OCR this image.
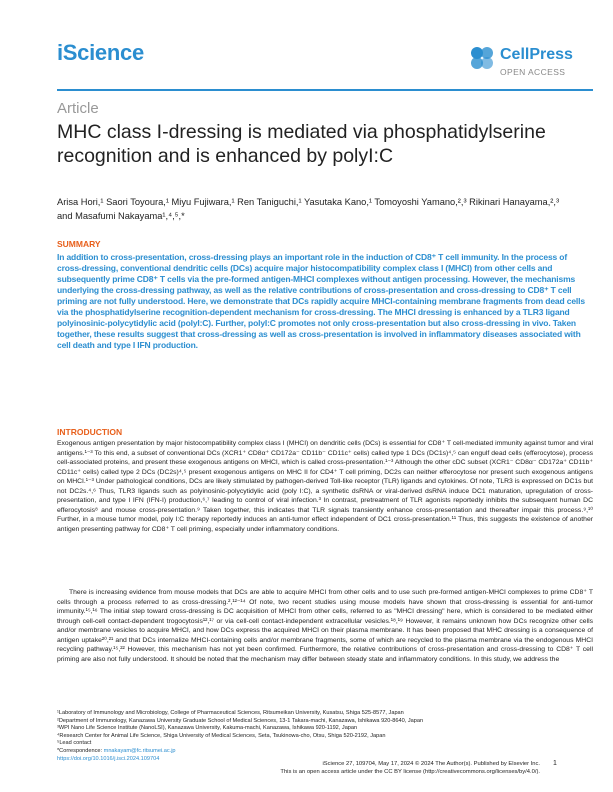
iScience	CellPress
OPEN ACCESS
Article
MHC class I-dressing is mediated via phosphatidylserine recognition and is enhanced by polyI:C
Arisa Hori,¹ Saori Toyoura,¹ Miyu Fujiwara,¹ Ren Taniguchi,¹ Yasutaka Kano,¹ Tomoyoshi Yamano,²,³ Rikinari Hanayama,²,³ and Masafumi Nakayama¹,⁴,⁵,*
SUMMARY
In addition to cross-presentation, cross-dressing plays an important role in the induction of CD8⁺ T cell immunity. In the process of cross-dressing, conventional dendritic cells (DCs) acquire major histocompatibility complex class I (MHCI) from other cells and subsequently prime CD8⁺ T cells via the pre-formed antigen-MHCI complexes without antigen processing. However, the mechanisms underlying the cross-dressing pathway, as well as the relative contributions of cross-presentation and cross-dressing to CD8⁺ T cell priming are not fully understood. Here, we demonstrate that DCs rapidly acquire MHCI-containing membrane fragments from dead cells via the phosphatidylserine recognition-dependent mechanism for cross-dressing. The MHCI dressing is enhanced by a TLR3 ligand polyinosinic-polycytidylic acid (polyI:C). Further, polyI:C promotes not only cross-presentation but also cross-dressing in vivo. Taken together, these results suggest that cross-dressing as well as cross-presentation is involved in inflammatory diseases associated with cell death and type I IFN production.
INTRODUCTION
Exogenous antigen presentation by major histocompatibility complex class I (MHCI) on dendritic cells (DCs) is essential for CD8⁺ T cell-mediated immunity against tumor and viral antigens.¹⁻³ To this end, a subset of conventional DCs (XCR1⁺ CD8α⁺ CD172a⁻ CD11b⁻ CD11c⁺ cells) called type 1 DCs (DC1s)⁴,⁵ can engulf dead cells (efferocytose), process cell-associated proteins, and present these exogenous antigens on MHCI, which is called cross-presentation.¹⁻³ Although the other cDC subset (XCR1⁻ CD8α⁻ CD172a⁺ CD11b⁺ CD11c⁺ cells) called type 2 DCs (DC2s)⁴,⁵ present exogenous antigens on MHC II for CD4⁺ T cell priming, DC2s can neither efferocytose nor present such exogenous antigens on MHCI.¹⁻³ Under pathological conditions, DCs are likely stimulated by pathogen-derived Toll-like receptor (TLR) ligands and cytokines. Of note, TLR3 is expressed on DC1s but not DC2s.⁴,⁶ Thus, TLR3 ligands such as polyinosinic-polycytidylic acid (poly I:C), a synthetic dsRNA or viral-derived dsRNA induce DC1 maturation, upregulation of cross-presentation, and type I IFN (IFN-I) production,⁶,⁷ leading to control of viral infection.³ In contrast, pretreatment of TLR agonists reportedly inhibits the subsequent human DC efferocytosis⁸ and mouse cross-presentation.⁹ Taken together, this indicates that TLR signals transiently enhance cross-presentation and thereafter impair this process.⁹,¹⁰ Further, in a mouse tumor model, poly I:C therapy reportedly induces an anti-tumor effect independent of DC1 cross-presentation.¹¹ Thus, this suggests the existence of another antigen presenting pathway for CD8⁺ T cell priming, especially under inflammatory conditions.
There is increasing evidence from mouse models that DCs are able to acquire MHCI from other cells and to use such pre-formed antigen-MHCI complexes to prime CD8⁺ T cells through a process referred to as cross-dressing.²,¹²⁻¹⁴ Of note, two recent studies using mouse models have shown that cross-dressing is essential for anti-tumor immunity.¹⁵,¹⁶ The initial step toward cross-dressing is DC acquisition of MHCI from other cells, referred to as "MHCI dressing" here, which is considered to be mediated either through cell-cell contact-dependent trogocytosis¹²,¹⁷ or via cell-cell contact-independent extracellular vesicles.¹⁸,¹⁹ However, it remains unknown how DCs recognize other cells and/or membrane vesicles to acquire MHCI, and how DCs express the acquired MHCI on their plasma membrane. It has been proposed that MHC dressing is a consequence of antigen uptake²⁰,²¹ and that DCs internalize MHCI-containing cells and/or membrane fragments, some of which are recycled to the plasma membrane via the endogenous MHCI recycling pathway.¹⁵,²² However, this mechanism has not yet been confirmed. Furthermore, the relative contributions of cross-presentation and cross-dressing to CD8⁺ T cell priming are also not fully understood. It should be noted that the mechanism may differ between steady state and inflammatory conditions. In this study, we address the
¹Laboratory of Immunology and Microbiology, College of Pharmaceutical Sciences, Ritsumeikan University, Kusatsu, Shiga 525-8577, Japan
²Department of Immunology, Kanazawa University Graduate School of Medical Sciences, 13-1 Takara-machi, Kanazawa, Ishikawa 920-8640, Japan
³WPI Nano Life Science Institute (NanoLSI), Kanazawa University, Kakuma-machi, Kanazawa, Ishikawa 920-1192, Japan
⁴Research Center for Animal Life Science, Shiga University of Medical Sciences, Seta, Tsukinowa-cho, Otsu, Shiga 520-2192, Japan
⁵Lead contact
*Correspondence: mnakayam@fc.ritsumei.ac.jp
https://doi.org/10.1016/j.isci.2024.109704
iScience 27, 109704, May 17, 2024 © 2024 The Author(s). Published by Elsevier Inc.
This is an open access article under the CC BY license (http://creativecommons.org/licenses/by/4.0/).
1
